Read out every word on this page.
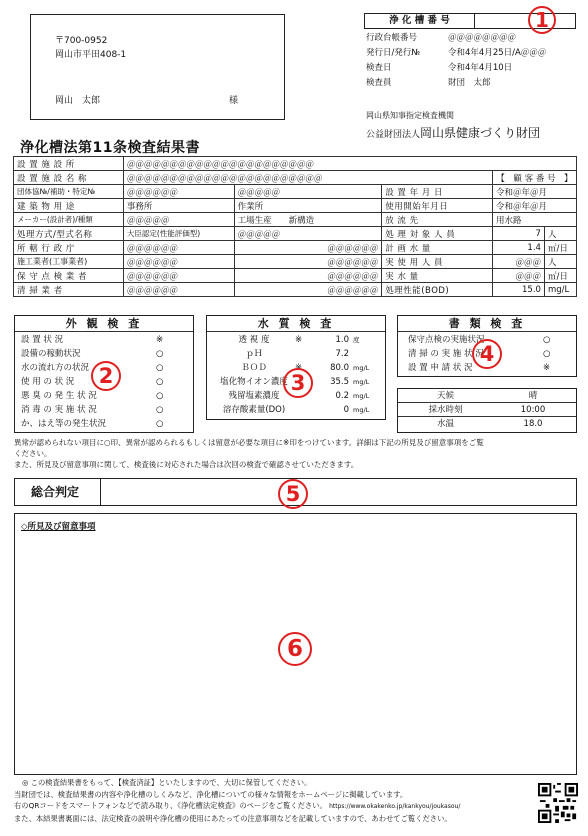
〒700-0952
岡山市平田408-1
岡山　太郎	様
浄 化 槽 番 号
行政台帳番号	＠＠＠＠＠＠＠＠
発行日/発行№	令和4年4月25日/A＠＠＠
検査日	令和4年4月10日
検査員	財団　太郎
岡山県知事指定検査機関
公益財団法人岡山県健康づくり財団
浄化槽法第11条検査結果書
設 置 施 設 所	＠＠＠＠＠＠＠＠＠＠＠＠＠＠＠＠＠＠＠＠＠＠				
設 置 施 設 名 称	＠＠＠＠＠＠＠＠＠＠＠＠＠＠＠＠＠＠＠＠＠＠＠			【　顧 客 番 号　】	
団体協№/補助・特定№	＠＠＠＠＠＠	＠＠＠＠＠	設 置 年 月 日	令和＠年＠月	
建 築 物 用 途	事務所	作業所	使用開始年月日	令和＠年＠月	
メーカー(設計者)/種類	＠＠＠＠＠	工場生産　　新構造	放 流 先	用水路	
処理方式/型式名称	大臣認定(性能評価型)	＠＠＠＠＠	処 理 対 象 人 員	7	人
所 轄 行 政 庁	＠＠＠＠＠＠	＠＠＠＠＠＠	計 画 水 量	1.4	㎥/日
施工業者(工事業者)	＠＠＠＠＠＠	＠＠＠＠＠＠	実 使 用 人 員	＠＠＠	人
保 守 点 検 業 者	＠＠＠＠＠＠	＠＠＠＠＠＠	実 水 量	＠＠＠	㎥/日
清 掃 業 者	＠＠＠＠＠＠	＠＠＠＠＠＠	処理性能(BOD)	15.0	mg/L
外 観 検 査
設 置 状 況	※
設備の稼動状況	○
水の流れ方の状況	○
使 用 の 状 況	○
悪 臭 の 発 生 状 況	○
消 毒 の 実 施 状 況	○
か、はえ等の発生状況	○
水 質 検 査
透 視 度	※	1.0 度
ｐＨ	7.2
ＢＯＤ	※	80.0 mg/L
塩化物イオン濃度	35.5 mg/L
残留塩素濃度	0.2 mg/L
溶存酸素量(DO)	0 mg/L
書 類 検 査
保守点検の実施状況	○
清 掃 の 実 施 状 況	○
設 置 申 請 状 況	※
天候	晴
採水時刻	10:00
水温	18.0
異常が認められない項目に○印、異常が認められるもしくは留意が必要な項目に※印をつけています。詳細は下記の所見及び留意事項をご覧
ください。
また、所見及び留意事項に関して、検査後に対応された場合は次回の検査で確認させていただきます。
総合判定
◇所見及び留意事項
◎ この検査結果書をもって、【検査済証】といたしますので、大切に保管してください。
当財団では、検査結果書の内容や浄化槽のしくみなど、浄化槽についての様々な情報をホームページに掲載しています。
右のQRコードをスマートフォンなどで読み取り、《浄化槽法定検査》のページをご覧ください。 https://www.okakenko.jp/kankyou/joukasou/
また、本結果書裏面には、法定検査の説明や浄化槽の使用にあたっての注意事項などを記載していますので、あわせてご覧ください。
1
2	3
4
5
6
